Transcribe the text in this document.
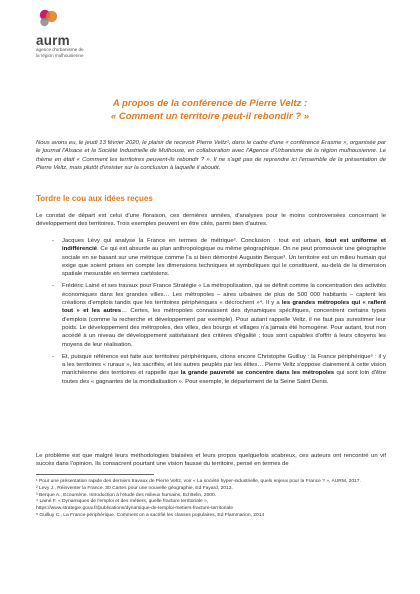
aurm
agence d'urbanisme de
la région mulhousienne
A propos de la conférence de Pierre Veltz :
« Comment un territoire peut-il rebondir ? »
Nous avons eu, le jeudi 13 février 2020, le plaisir de recevoir Pierre Veltz¹, dans le cadre d'une « conférence Erasme », organisée par le journal l'Alsace et la Société Industrielle de Mulhouse, en collaboration avec l'Agence d'Urbanisme de la région mulhousienne. Le thème en était « Comment les territoires peuvent-ils rebondir ? ». Il ne s'agit pas de reprendre ici l'ensemble de la présentation de Pierre Veltz, mais plutôt d'insister sur la conclusion à laquelle il aboutit.
Tordre le cou aux idées reçues
Le constat de départ est celui d'une floraison, ces dernières années, d'analyses pour le moins controversées concernant le développement des territoires. Trois exemples peuvent en être cités, parmi bien d'autres.
- Jacques Lévy qui analyse la France en termes de métrique². Conclusion : tout est urbain, tout est uniforme et indifférencié. Ce qui est absurde au plan anthropologique ou même géographique. On ne peut promouvoir une géographie sociale en se basant sur une métrique comme l'a si bien démontré Augustin Berque³. Un territoire est un milieu humain qui exige que soient prises en compte les dimensions techniques et symboliques qui le constituent, au-delà de la dimension spatiale mesurable en termes cartésiens.
- Frédéric Lainé et ses travaux pour France Stratégie « La métropolisation, qui se définit comme la concentration des activités économiques dans les grandes villes… Les métropoles – aires urbaines de plus de 500 000 habitants – captent les créations d'emplois tandis que les territoires périphériques « décrochent »⁴. Il y a les grandes métropoles qui « raflent tout » et les autres… Certes, les métropoles connaissent des dynamiques spécifiques, concentrent certains types d'emplois (comme la recherche et développement par exemple). Pour autant rappelle Veltz, il ne faut pas surestimer leur poids. Le développement des métropoles, des villes, des bourgs et villages n'a jamais été homogène. Pour autant, tout non accédé à un niveau de développement satisfaisant des critères d'égalité ; tous sont capables d'offrir à leurs citoyens les moyens de leur réalisation.
- Et, puisque référence est faite aux territoires périphériques, citons encore Christophe Guilluy : la France périphérique⁵ : il y a les territoires « ruraux », les sacrifiés, et les autres peuplés par les élites… Pierre Veltz s'oppose clairement à cette vision manichéenne des territoires et rappelle que la grande pauvreté se concentre dans les métropoles qui sont loin d'être toutes des « gagnantes de la mondialisation ». Pour exemple, le département de la Seine Saint Denis.
Le problème est que malgré leurs méthodologies biaisées et leurs propos quelquefois scabreux, ces auteurs ont rencontré un vif succès dans l'opinion. Ils consacrent pourtant une vision fausse du territoire, pensé en termes de
¹ Pour une présentation rapide des derniers travaux de Pierre Veltz, voir « La société hyper-industrielle, quels enjeux pour la France ? », AURM, 2017.
² Levy J., Réinventer la France. 30 Cartes pour une nouvelle géographie, Ed Fayard, 2013.
³ Berque A., Ecoumène. Introduction à l'étude des milieux humains, Ed Belin, 2000.
⁴ Lainé F. « Dynamiques de l'emploi et des métiers, quelle fracture territoriale »,
https://www.strategie.gouv.fr/publications/dynamique-de-lemploi-metiers-fracture-territoriale
⁵ Guilluy C., La France périphérique. Comment on a sacrifié les classes populaires, Ed Flammarion, 2014
